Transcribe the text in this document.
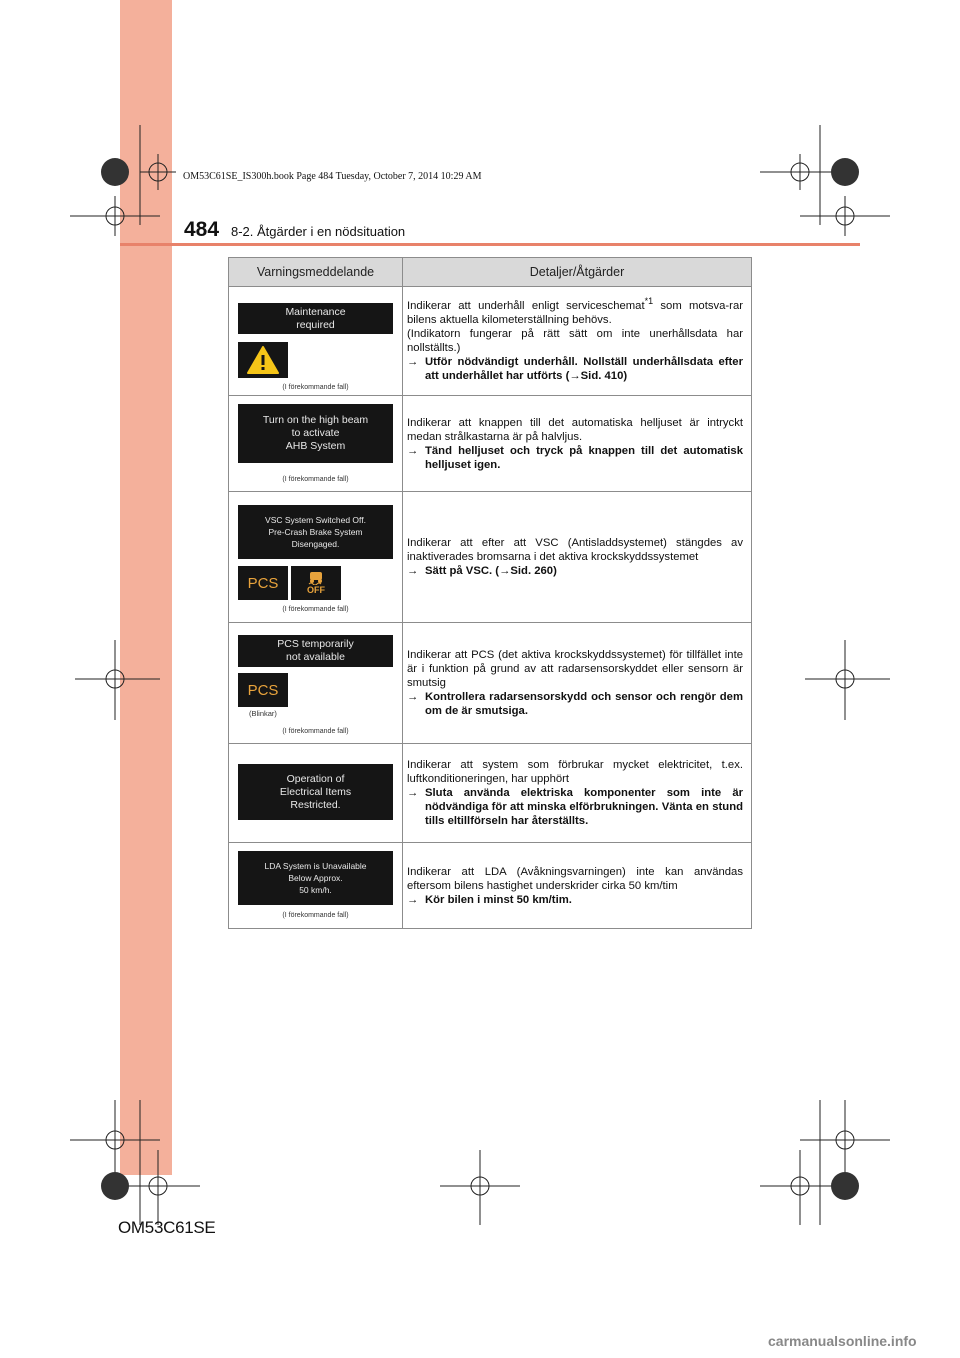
OM53C61SE_IS300h.book Page 484 Tuesday, October 7, 2014 10:29 AM
484 8-2. Åtgärder i en nödsituation
Varningsmeddelande	Detaljer/Åtgärder
Maintenance
required
(I förekommande fall)
Indikerar att underhåll enligt serviceschemat$^{*1}$ som motsva-rar bilens aktuella kilometerställning behövs.
(Indikatorn fungerar på rätt sätt om inte unerhållsdata har nollställts.)
→ Utför nödvändigt underhåll. Nollställ underhållsdata efter att underhållet har utförts (→Sid. 410)
Turn on the high beam
to activate
AHB System
(I förekommande fall)
Indikerar att knappen till det automatiska helljuset är intryckt medan strålkastarna är på halvljus.
→ Tänd helljuset och tryck på knappen till det automatisk helljuset igen.
VSC System Switched Off.
Pre-Crash Brake System
Disengaged.
PCS	OFF
(I förekommande fall)
Indikerar att efter att VSC (Antisladdsystemet) stängdes av inaktiverades bromsarna i det aktiva krockskyddssystemet
→ Sätt på VSC. (→Sid. 260)
PCS temporarily
not available
PCS
(Blinkar)
(I förekommande fall)
Indikerar att PCS (det aktiva krockskyddssystemet) för tillfället inte är i funktion på grund av att radarsensorskyddet eller sensorn är smutsig
→ Kontrollera radarsensorskydd och sensor och rengör dem om de är smutsiga.
Operation of
Electrical Items
Restricted.
Indikerar att system som förbrukar mycket elektricitet, t.ex. luftkonditioneringen, har upphört
→ Sluta använda elektriska komponenter som inte är nödvändiga för att minska elförbrukningen. Vänta en stund tills eltillförseln har återställts.
LDA System is Unavailable
Below Approx.
50 km/h.
(I förekommande fall)
Indikerar att LDA (Avåkningsvarningen) inte kan användas eftersom bilens hastighet underskrider cirka 50 km/tim
→ Kör bilen i minst 50 km/tim.
OM53C61SE
carmanualsonline.info
